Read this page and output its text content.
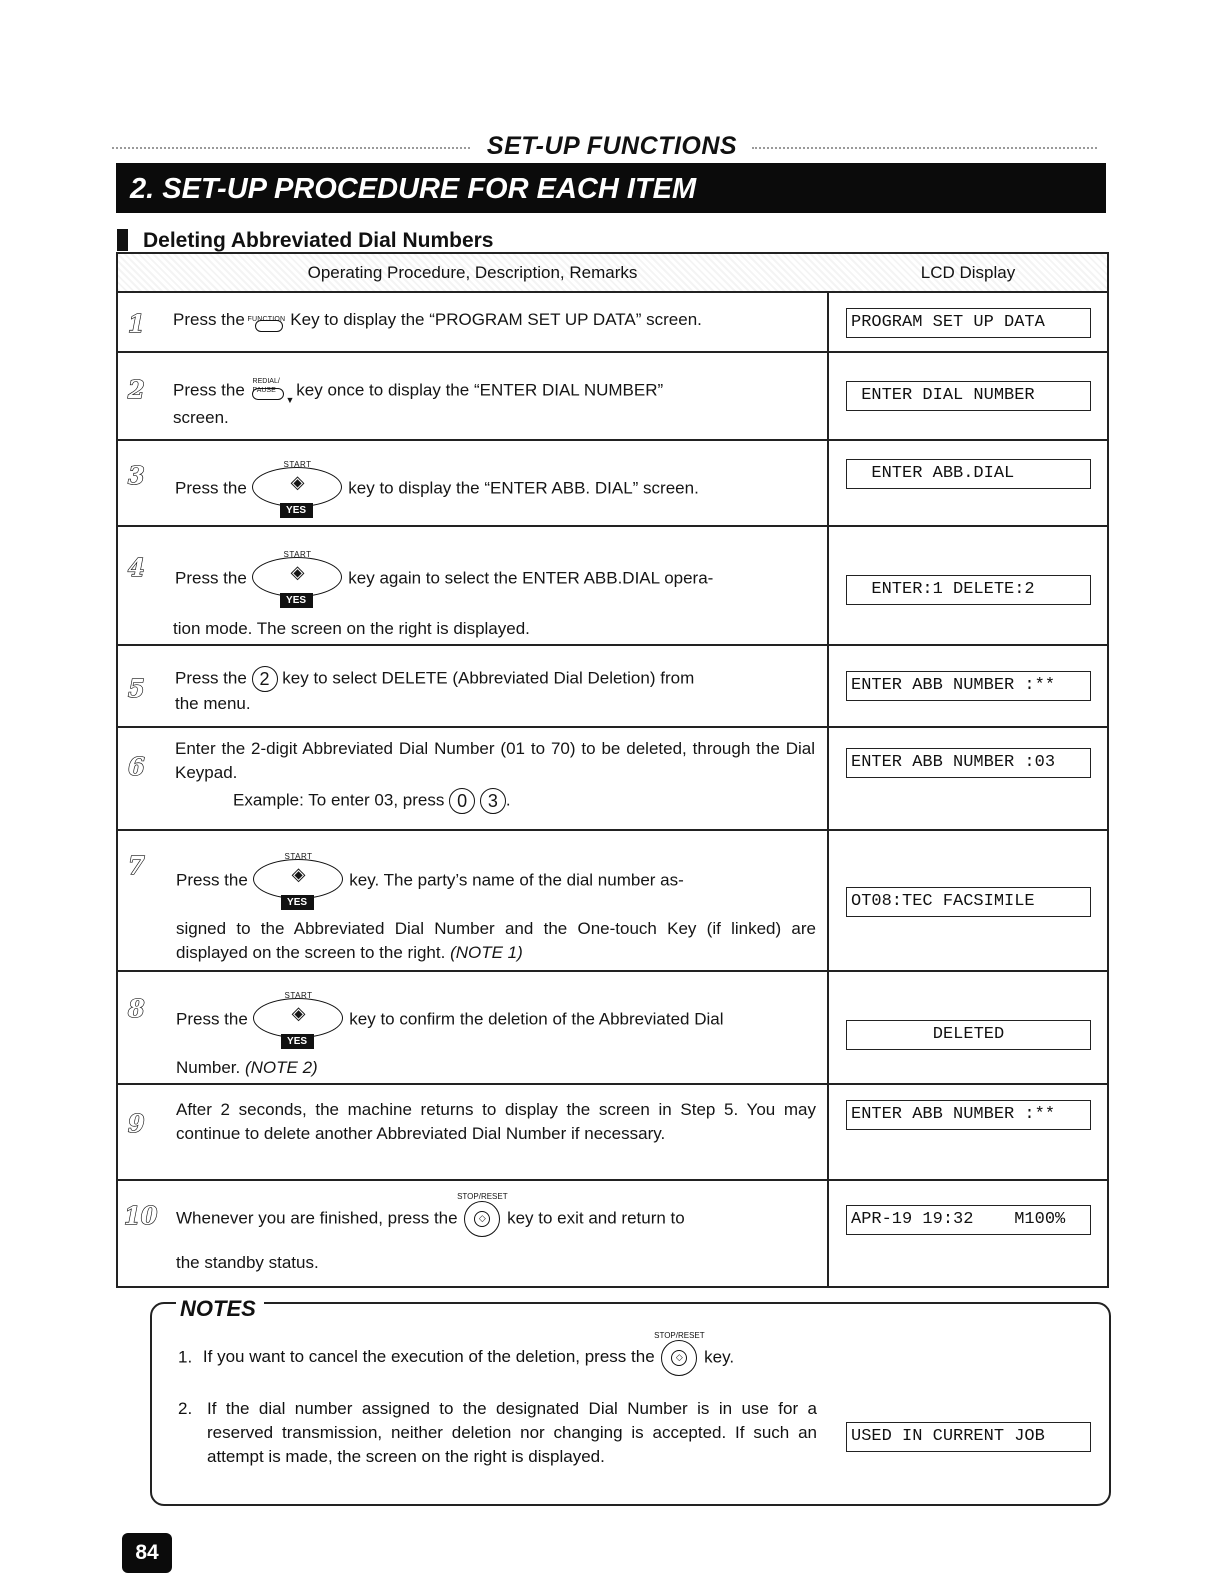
SET-UP FUNCTIONS
2. SET-UP PROCEDURE FOR EACH ITEM
Deleting Abbreviated Dial Numbers
Operating Procedure, Description, Remarks	LCD Display
1 Press the FUNCTION Key to display the “PROGRAM SET UP DATA” screen.	PROGRAM SET UP DATA
2 Press the REDIAL/
PAUSE
▼
key once to display the “ENTER DIAL NUMBER”
screen.
ENTER DIAL NUMBER
3 Press the
START
◈
YES
key to display the “ENTER ABB. DIAL” screen.
ENTER ABB.DIAL
4 Press the
START
◈
YES
key again to select the ENTER ABB.DIAL opera-
tion mode. The screen on the right is displayed.
ENTER:1 DELETE:2
5 Press the 2 key to select DELETE (Abbreviated Dial Deletion) from
the menu.
ENTER ABB NUMBER :**
6
Enter the 2-digit Abbreviated Dial Number (01 to 70) to be deleted, through the Dial Keypad.
Example: To enter 03, press 0 3 .
ENTER ABB NUMBER :03
7 Press the
START
◈
YES
key. The party’s name of the dial number as-
signed to the Abbreviated Dial Number and the One-touch Key (if linked) are displayed on the screen to the right. (NOTE 1)
OT08:TEC FACSIMILE
8 Press the
START
◈
YES
key to confirm the deletion of the Abbreviated Dial
Number. (NOTE 2)
DELETED
9 After 2 seconds, the machine returns to display the screen in Step 5. You may continue to delete another Abbreviated Dial Number if necessary.
ENTER ABB NUMBER :**
10 Whenever you are finished, press the
STOP/RESET
◇ key to exit and return to
the standby status.
APR-19 19:32    M100%
NOTES
1. If you want to cancel the execution of the deletion, press the
STOP/RESET
◇ key.
2. If the dial number assigned to the designated Dial Number is in use for a reserved transmission, neither deletion nor changing is accepted. If such an attempt is made, the screen on the right is displayed.
USED IN CURRENT JOB
84
